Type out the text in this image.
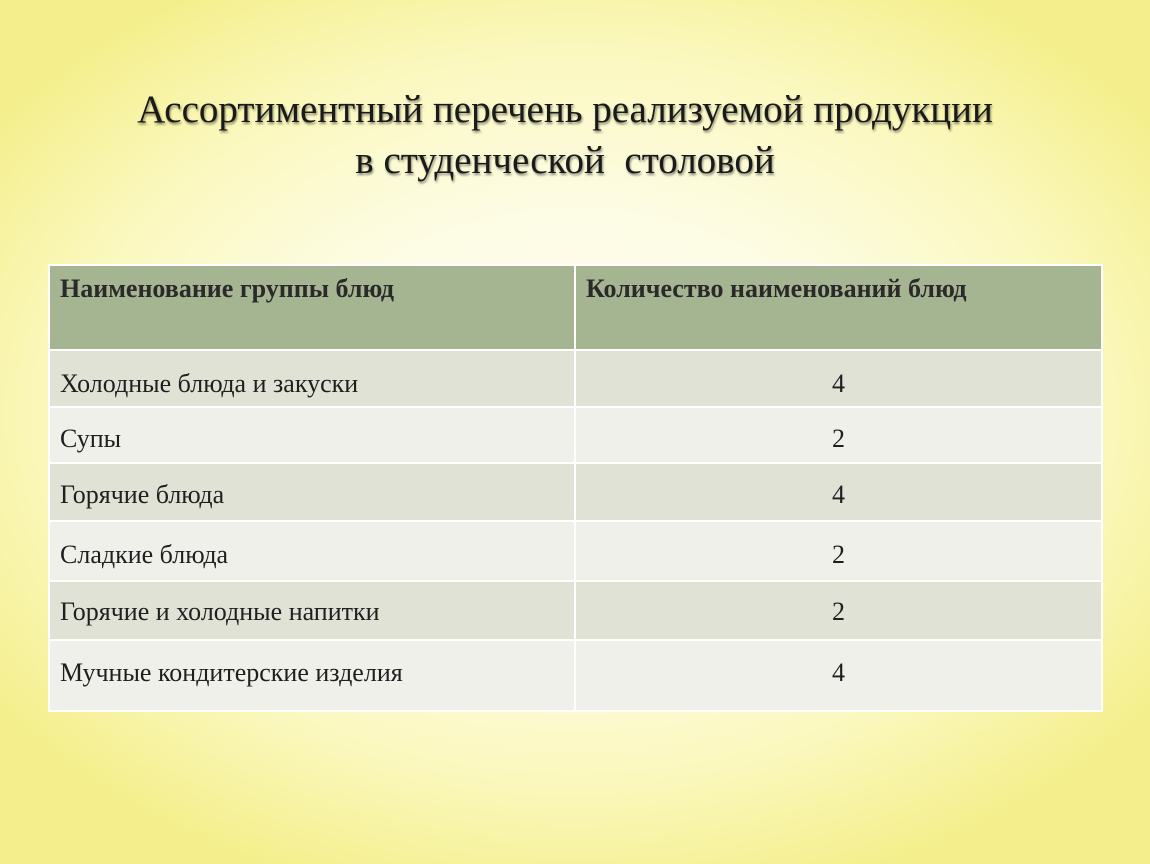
Ассортиментный перечень реализуемой продукции
в студенческой  столовой
Наименование группы блюд	Количество наименований блюд
Холодные блюда и закуски	4
Супы	2
Горячие блюда	4
Сладкие блюда	2
Горячие и холодные напитки	2
Мучные кондитерские изделия	4
